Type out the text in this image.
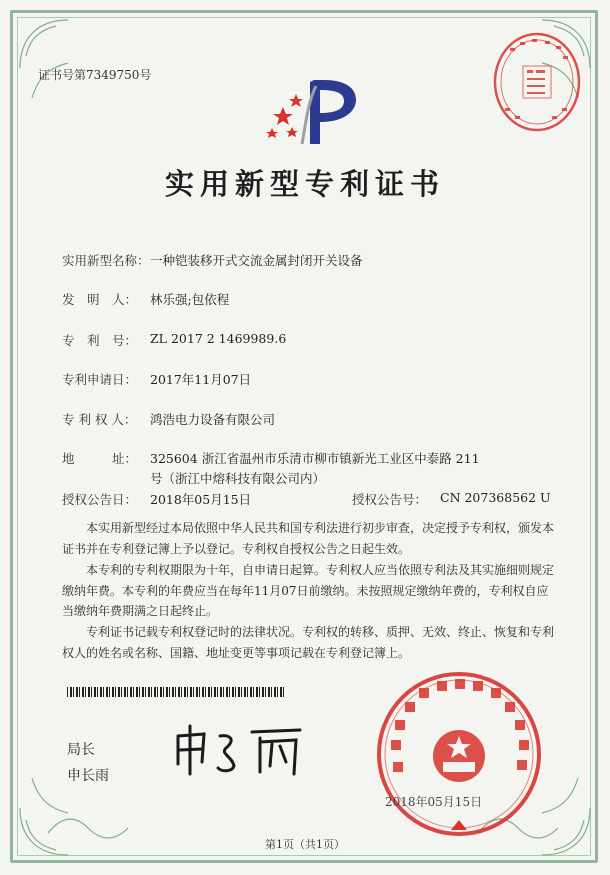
证书号第7349750号
实用新型专利证书
实用新型名称： 一种铠装移开式交流金属封闭开关设备
发　明　人： 林乐强;包依程
专　利　号： ZL 2017 2 1469989.6
专利申请日： 2017年11月07日
专 利 权 人： 鸿浩电力设备有限公司
地　　　址： 325604 浙江省温州市乐清市柳市镇新光工业区中泰路 211
号（浙江中熔科技有限公司内）
授权公告日： 2018年05月15日	授权公告号： CN 207368562 U
本实用新型经过本局依照中华人民共和国专利法进行初步审查，决定授予专利权，颁发本证书并在专利登记簿上予以登记。专利权自授权公告之日起生效。
本专利的专利权期限为十年，自申请日起算。专利权人应当依照专利法及其实施细则规定缴纳年费。本专利的年费应当在每年11月07日前缴纳。未按照规定缴纳年费的，专利权自应当缴纳年费期满之日起终止。
专利证书记载专利权登记时的法律状况。专利权的转移、质押、无效、终止、恢复和专利权人的姓名或名称、国籍、地址变更等事项记载在专利登记簿上。
局长
申长雨
2018年05月15日
第1页（共1页）
